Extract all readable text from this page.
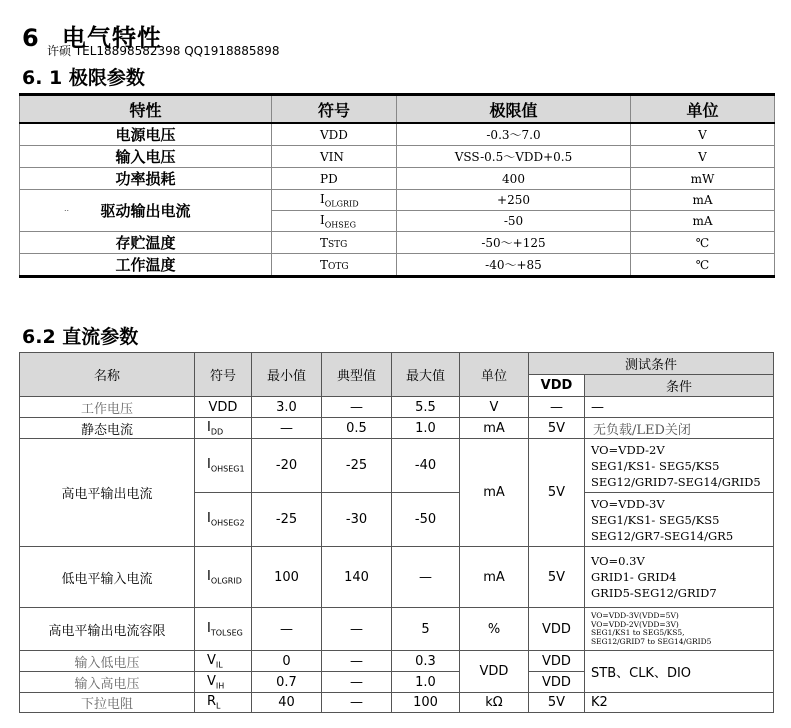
6 电气特性
许硕 TEL18898582398 QQ1918885898
6. 1 极限参数
特性	符号	极限值	单位
电源电压	VDD	-0.3～7.0	V
输入电压	VIN	VSS-0.5～VDD+0.5	V
功率损耗	PD	400	mW

.. 驱动输出电流	$I_{OLGRID}$	+250	mA
	$I_{OHSEG}$	-50	mA
存贮温度	TSTG	-50～+125	℃
工作温度	TOTG	-40～+85	℃
6.2 直流参数
名称	符号	最小值	典型值	最大值	单位	测试条件	
						VDD	条件
工作电压	VDD	3.0	—	5.5	V	—	—
静态电流	$I_{DD}$	—	0.5	1.0	mA	5V	无负载/LED关闭
高电平输出电流	$I_{OHSEG1}$	-20	-25	-40	mA	5V	VO=VDD-2V
SEG1/KS1- SEG5/KS5
SEG12/GRID7-SEG14/GRID5

	$I_{OHSEG2}$	-25	-30	-50			VO=VDD-3V
SEG1/KS1- SEG5/KS5
SEG12/GR7-SEG14/GR5

低电平输入电流	$I_{OLGRID}$	100	140	—	mA	5V	VO=0.3V
GRID1- GRID4
GRID5-SEG12/GRID7

高电平输出电流容限	$I_{TOLSEG}$	—	—	5	%	VDD	VO=VDD-3V(VDD=5V)
VO=VDD-2V(VDD=3V)
SEG1/KS1 to SEG5/KS5,
SEG12/GRID7 to SEG14/GRID5

输入低电压	$V_{IL}$	0	—	0.3	VDD	VDD	STB、CLK、DIO
输入高电压	$V_{IH}$	0.7	—	1.0		VDD	
下拉电阻	$R_L$	40	—	100	kΩ	5V	K2
